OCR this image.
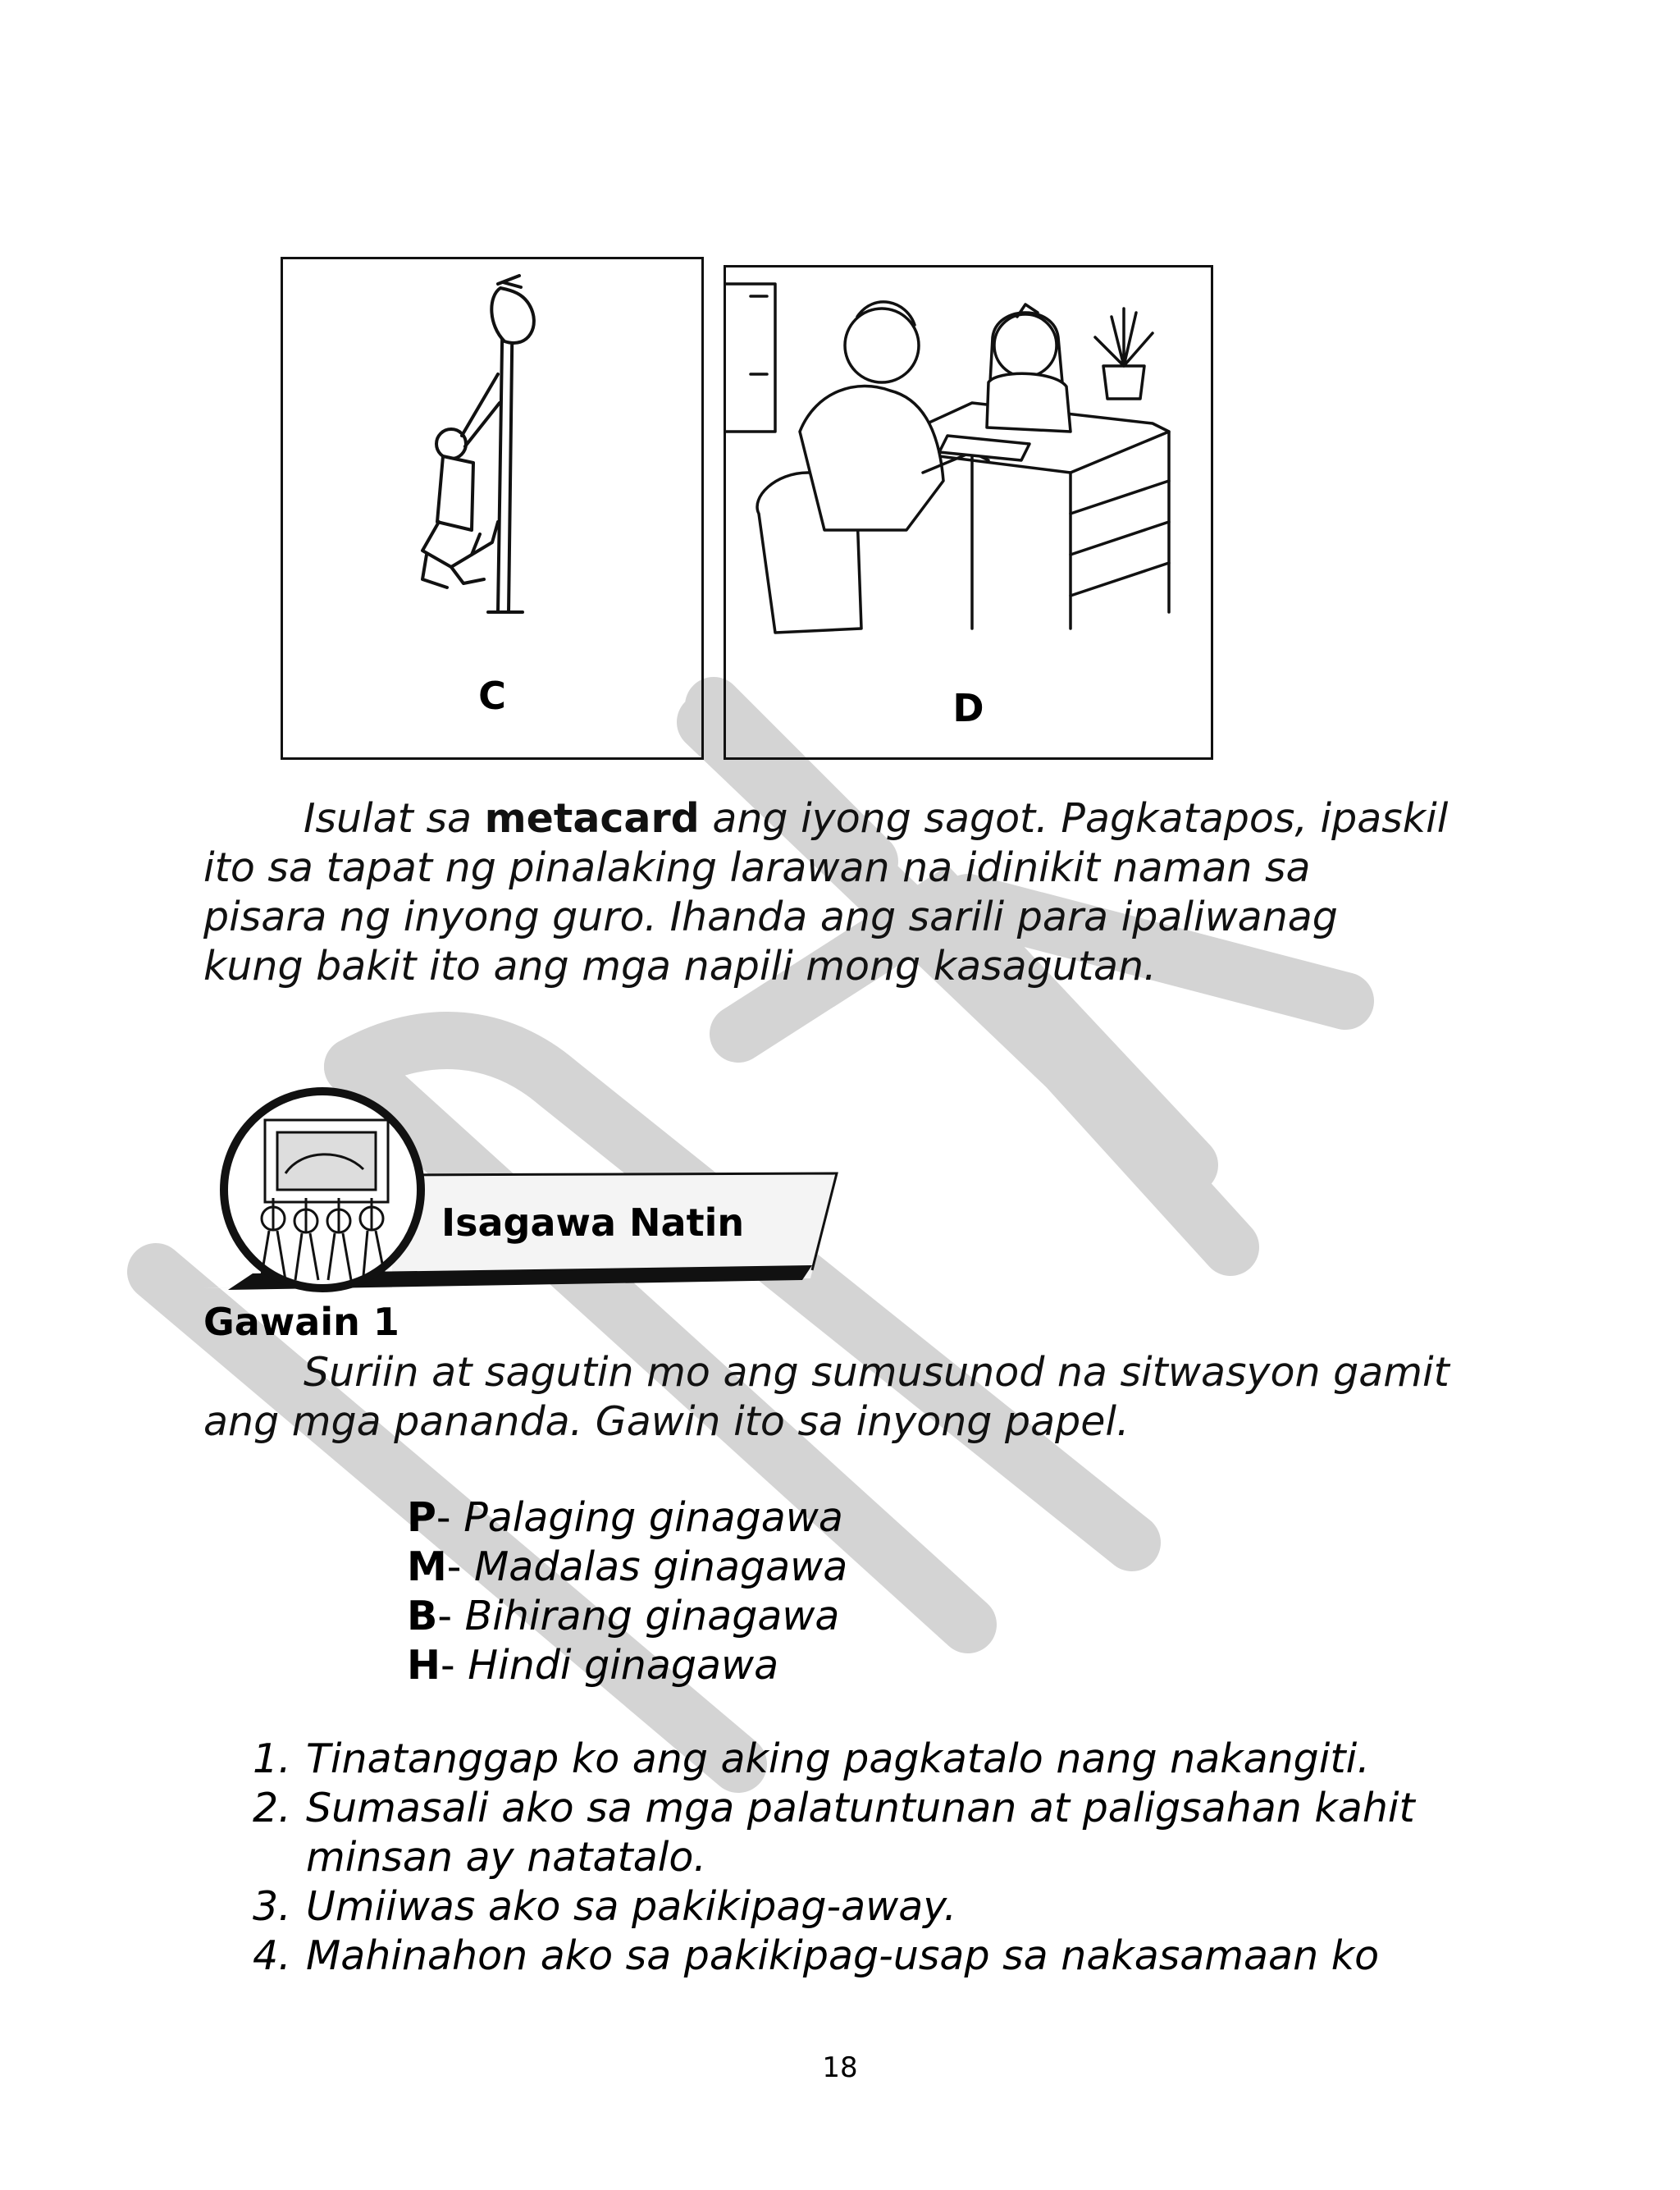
C	D
Isulat sa metacard ang iyong sagot. Pagkatapos, ipaskil
ito sa tapat ng pinalaking larawan na idinikit naman sa
pisara ng inyong guro. Ihanda ang sarili para ipaliwanag
kung bakit ito ang mga napili mong kasagutan.
Isagawa Natin
Gawain 1
Suriin at sagutin mo ang sumusunod na sitwasyon gamit
ang mga pananda. Gawin ito sa inyong papel.
P- Palaging ginagawa
M- Madalas ginagawa
B- Bihirang ginagawa
H- Hindi ginagawa
1. Tinatanggap ko ang aking pagkatalo nang nakangiti.
2. Sumasali ako sa mga palatuntunan at paligsahan kahit
minsan ay natatalo.
3. Umiiwas ako sa pakikipag-away.
4. Mahinahon ako sa pakikipag-usap sa nakasamaan ko
18
